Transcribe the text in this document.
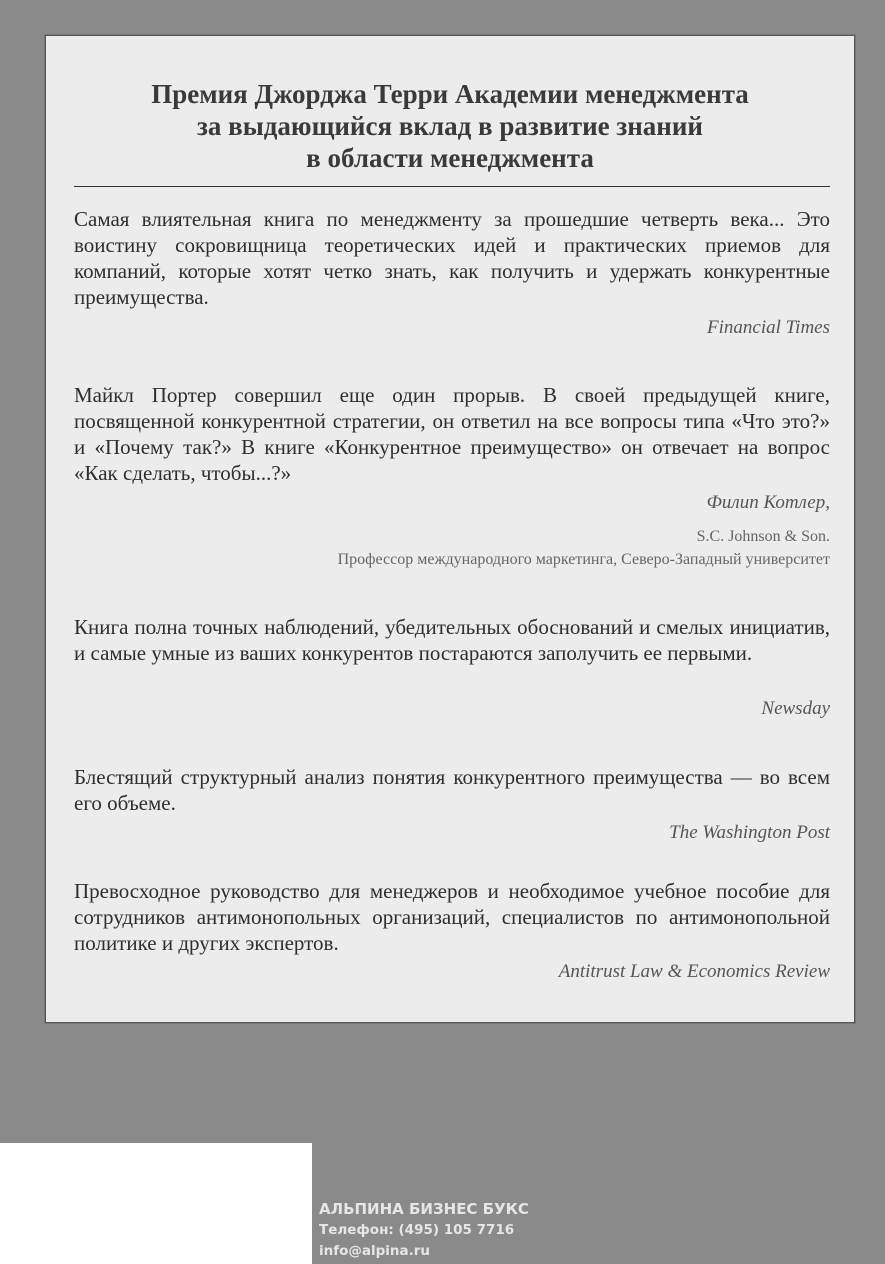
Премия Джорджа Терри Академии менеджмента
за выдающийся вклад в развитие знаний
в области менеджмента
Самая влиятельная книга по менеджменту за прошедшие четверть века... Это воистину сокровищница теоретических идей и практических приемов для компаний, которые хотят четко знать, как получить и удержать конкурентные преимущества.
Financial Times
Майкл Портер совершил еще один прорыв. В своей предыдущей книге, посвященной конкурентной стратегии, он ответил на все вопросы типа «Что это?» и «Почему так?» В книге «Конкурентное преимущество» он отвечает на вопрос «Как сделать, чтобы...?»
Филип Котлер,
S.C. Johnson & Son.
Профессор международного маркетинга, Северо-Западный университет
Книга полна точных наблюдений, убедительных обоснований и смелых инициатив, и самые умные из ваших конкурентов постараются заполучить ее первыми.
Newsday
Блестящий структурный анализ понятия конкурентного преимущества — во всем его объеме.
The Washington Post
Превосходное руководство для менеджеров и необходимое учебное пособие для сотрудников антимонопольных организаций, специалистов по антимонопольной политике и других экспертов.
Antitrust Law & Economics Review
АЛЬПИНА БИЗНЕС БУКС
Телефон: (495) 105 7716
info@alpina.ru
